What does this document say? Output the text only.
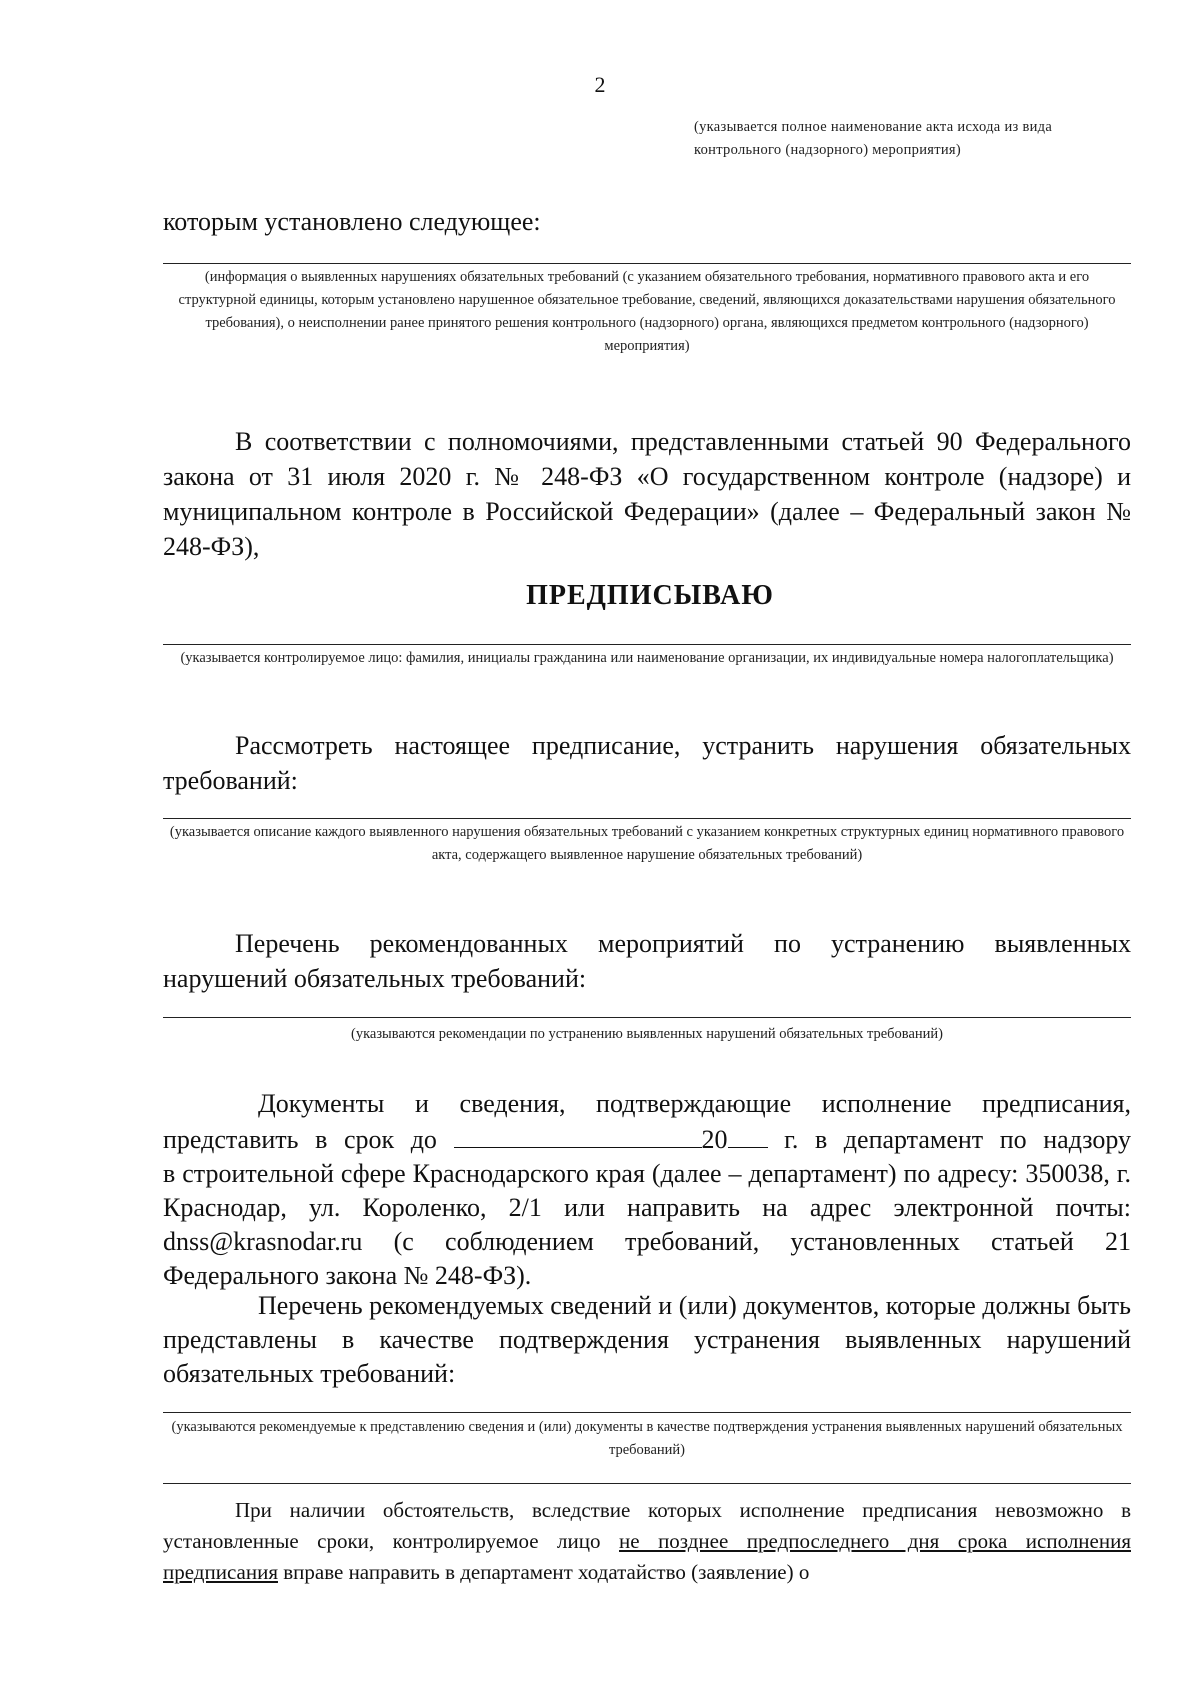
2
(указывается полное наименование акта исхода из вида контрольного (надзорного) мероприятия)
которым установлено следующее:
(информация о выявленных нарушениях обязательных требований (с указанием обязательного требования, нормативного правового акта и его структурной единицы, которым установлено нарушенное обязательное требование, сведений, являющихся доказательствами нарушения обязательного требования), о неисполнении ранее принятого решения контрольного (надзорного) органа, являющихся предметом контрольного (надзорного) мероприятия)
В соответствии с полномочиями, представленными статьей 90 Федерального закона от 31 июля 2020 г. № 248-ФЗ «О государственном контроле (надзоре) и муниципальном контроле в Российской Федерации» (далее – Федеральный закон № 248-ФЗ),
ПРЕДПИСЫВАЮ
(указывается контролируемое лицо: фамилия, инициалы гражданина или наименование организации, их индивидуальные номера налогоплательщика)
Рассмотреть настоящее предписание, устранить нарушения обязательных требований:
(указывается описание каждого выявленного нарушения обязательных требований с указанием конкретных структурных единиц нормативного правового акта, содержащего выявленное нарушение обязательных требований)
Перечень рекомендованных мероприятий по устранению выявленных нарушений обязательных требований:
(указываются рекомендации по устранению выявленных нарушений обязательных требований)
Документы и сведения, подтверждающие исполнение предписания,
представить в срок до	20 г. в департамент по надзору
в строительной сфере Краснодарского края (далее – департамент) по адресу: 350038, г. Краснодар, ул. Короленко, 2/1 или направить на адрес электронной почты: dnss@krasnodar.ru (с соблюдением требований, установленных статьей 21 Федерального закона № 248-ФЗ).
Перечень рекомендуемых сведений и (или) документов, которые должны быть представлены в качестве подтверждения устранения выявленных нарушений обязательных требований:
(указываются рекомендуемые к представлению сведения и (или) документы в качестве подтверждения устранения выявленных нарушений обязательных требований)
При наличии обстоятельств, вследствие которых исполнение предписания невозможно в установленные сроки, контролируемое лицо не позднее предпоследнего дня срока исполнения предписания вправе направить в департамент ходатайство (заявление) о
